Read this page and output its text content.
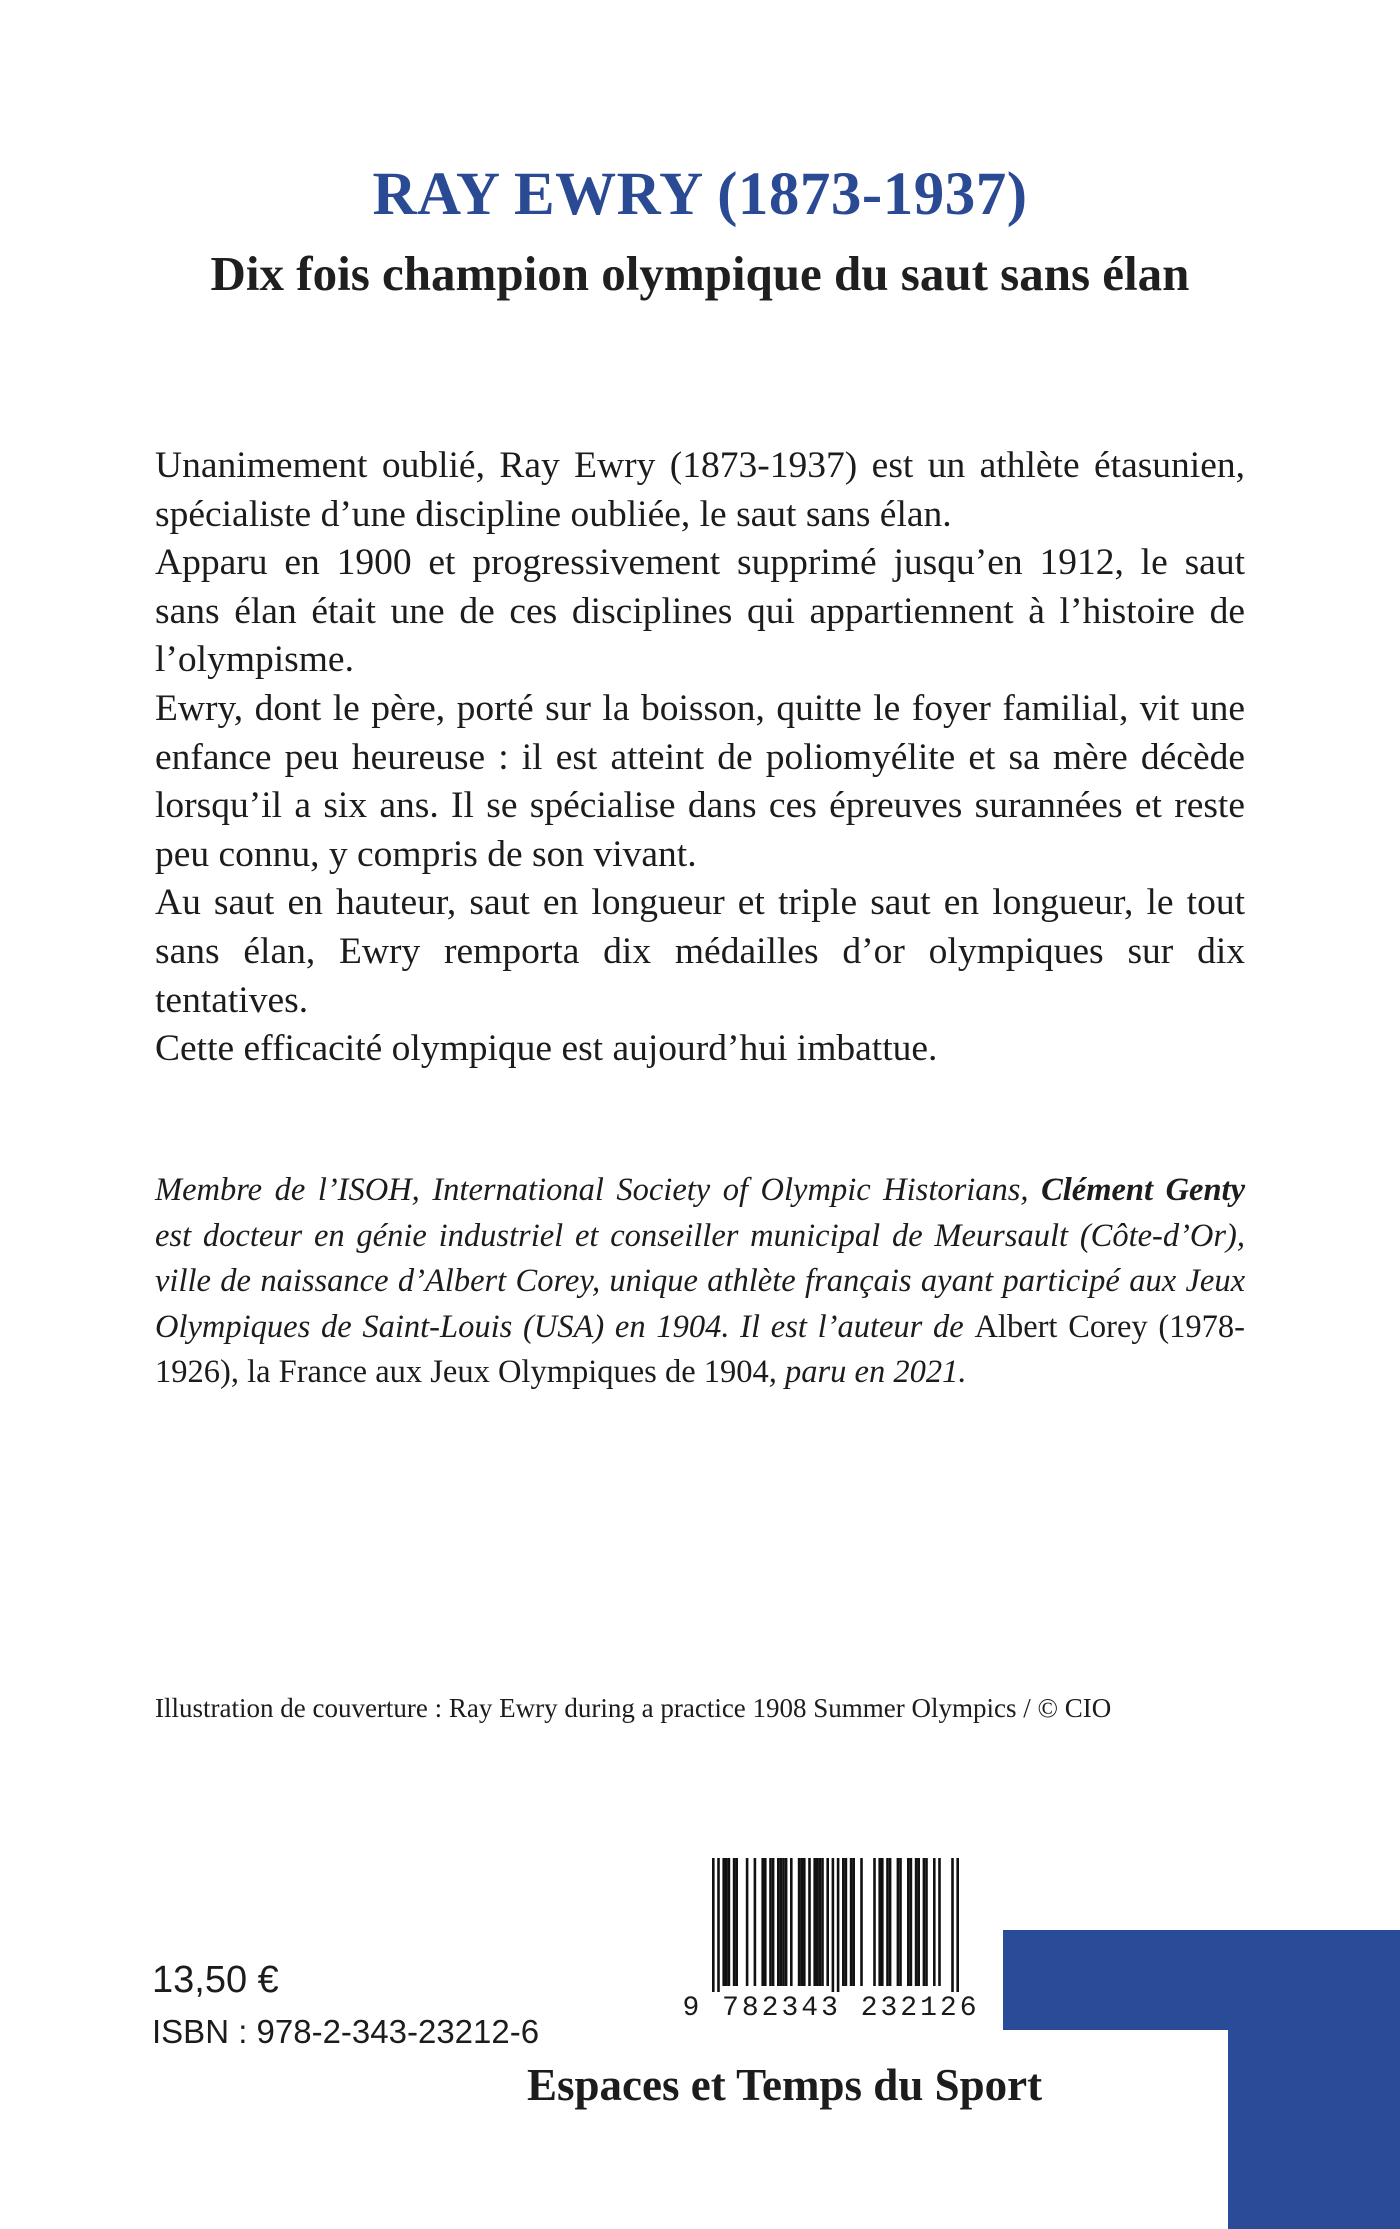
RAY EWRY (1873-1937)
Dix fois champion olympique du saut sans élan

Unanimement oublié, Ray Ewry (1873-1937) est un athlète étasunien, spécialiste d’une discipline oubliée, le saut sans élan.

Apparu en 1900 et progressivement supprimé jusqu’en 1912, le saut sans élan était une de ces disciplines qui appartiennent à l’histoire de l’olympisme.

Ewry, dont le père, porté sur la boisson, quitte le foyer familial, vit une enfance peu heureuse : il est atteint de poliomyélite et sa mère décède lorsqu’il a six ans. Il se spécialise dans ces épreuves surannées et reste peu connu, y compris de son vivant.

Au saut en hauteur, saut en longueur et triple saut en longueur, le tout sans élan, Ewry remporta dix médailles d’or olympiques sur dix tentatives.

Cette efficacité olympique est aujourd’hui imbattue.

Membre de l’ISOH, International Society of Olympic Historians, Clément Genty est docteur en génie industriel et conseiller municipal de Meursault (Côte-d’Or), ville de naissance d’Albert Corey, unique athlète français ayant participé aux Jeux Olympiques de Saint-Louis (USA) en 1904. Il est l’auteur de Albert Corey (1978-1926), la France aux Jeux Olympiques de 1904, paru en 2021.
Illustration de couverture : Ray Ewry during a practice 1908 Summer Olympics / © CIO
13,50 €
ISBN : 978-2-343-23212-6
9 782343 232126
Espaces et Temps du Sport
